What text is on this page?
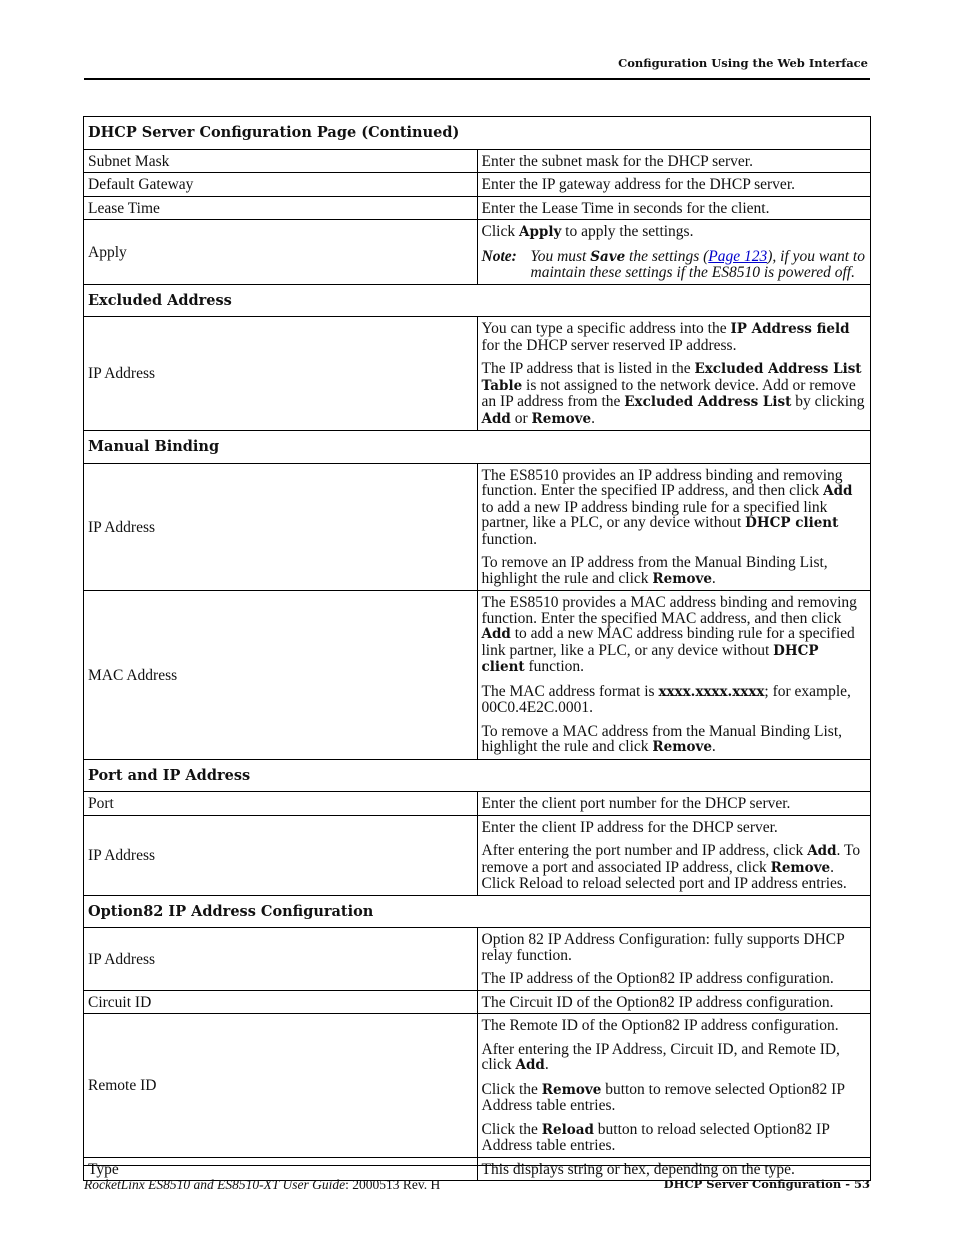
Configuration Using the Web Interface
DHCP Server Configuration Page (Continued)	
Subnet Mask	Enter the subnet mask for the DHCP server.
Default Gateway	Enter the IP gateway address for the DHCP server.
Lease Time	Enter the Lease Time in seconds for the client.
Apply	Click Apply to apply the settings.

Note: You must Save the settings (Page 123), if you want to maintain these settings if the ES8510 is powered off.

Excluded Address	
IP Address	You can type a specific address into the IP Address field for the DHCP server reserved IP address.

The IP address that is listed in the Excluded Address List Table is not assigned to the network device. Add or remove an IP address from the Excluded Address List by clicking Add or Remove.

Manual Binding	
IP Address	The ES8510 provides an IP address binding and removing function. Enter the specified IP address, and then click Add to add a new IP address binding rule for a specified link partner, like a PLC, or any device without DHCP client function.

To remove an IP address from the Manual Binding List, highlight the rule and click Remove.

MAC Address	The ES8510 provides a MAC address binding and removing function. Enter the specified MAC address, and then click Add to add a new MAC address binding rule for a specified link partner, like a PLC, or any device without DHCP client function.

The MAC address format is xxxx.xxxx.xxxx; for example, 00C0.4E2C.0001.

To remove a MAC address from the Manual Binding List, highlight the rule and click Remove.

Port and IP Address	
Port	Enter the client port number for the DHCP server.
IP Address	Enter the client IP address for the DHCP server.

After entering the port number and IP address, click Add. To remove a port and associated IP address, click Remove. Click Reload to reload selected port and IP address entries.

Option82 IP Address Configuration	
IP Address	Option 82 IP Address Configuration: fully supports DHCP relay function.

The IP address of the Option82 IP address configuration.

Circuit ID	The Circuit ID of the Option82 IP address configuration.
Remote ID	The Remote ID of the Option82 IP address configuration.

After entering the IP Address, Circuit ID, and Remote ID, click Add.

Click the Remove button to remove selected Option82 IP Address table entries.

Click the Reload button to reload selected Option82 IP Address table entries.

Type	This displays string or hex, depending on the type.
RocketLinx ES8510 and ES8510-XT User Guide: 2000513 Rev. H	DHCP Server Configuration - 53
